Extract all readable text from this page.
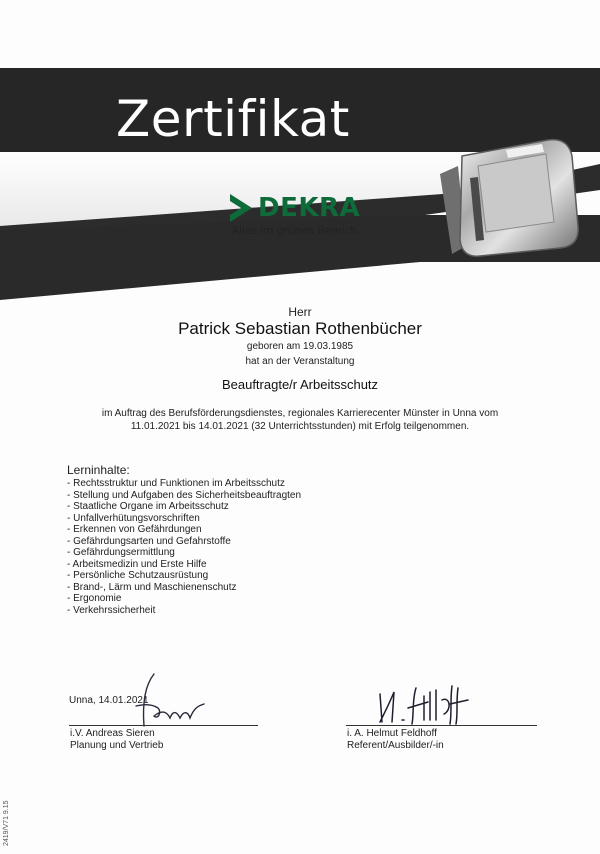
Zertifikat
DEKRA
Alles im grünen Bereich.
Herr
Patrick Sebastian Rothenbücher
geboren am 19.03.1985
hat an der Veranstaltung
Beauftragte/r Arbeitsschutz
im Auftrag des Berufsförderungsdienstes, regionales Karrierecenter Münster in Unna vom
11.01.2021 bis 14.01.2021 (32 Unterrichtsstunden) mit Erfolg teilgenommen.
Lerninhalte:
- Rechtsstruktur und Funktionen im Arbeitsschutz
- Stellung und Aufgaben des Sicherheitsbeauftragten
- Staatliche Organe im Arbeitsschutz
- Unfallverhütungsvorschriften
- Erkennen von Gefährdungen
- Gefährdungsarten und Gefahrstoffe
- Gefährdungsermittlung
- Arbeitsmedizin und Erste Hilfe
- Persönliche Schutzausrüstung
- Brand-, Lärm und Maschienenschutz
- Ergonomie
- Verkehrssicherheit
Unna, 14.01.2021
i.V. Andreas Sieren
Planung und Vertrieb
i. A. Helmut Feldhoff
Referent/Ausbilder/-in
2419/V71 9.15
